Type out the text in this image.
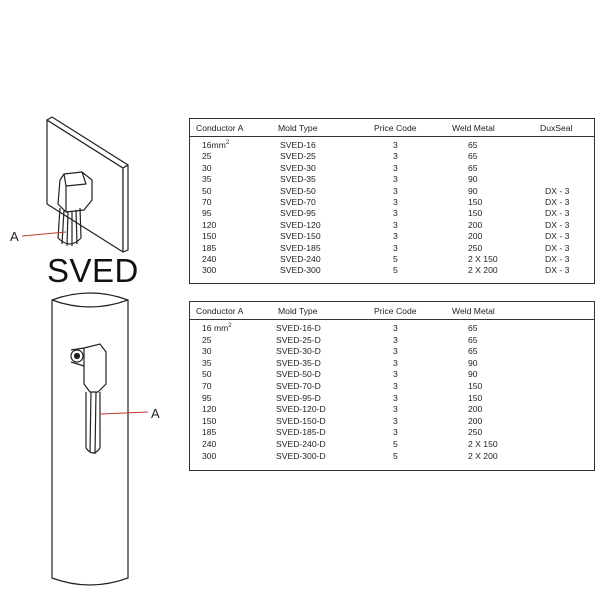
A
A
SVED
Conductor A	Mold Type	Price Code	Weld Metal	DuxSeal
$16mm^2$	SVED-16	3	65
25	SVED-25	3	65
30	SVED-30	3	65
35	SVED-35	3	90
50	SVED-50	3	90	DX - 3
70	SVED-70	3	150	DX - 3
95	SVED-95	3	150	DX - 3
120	SVED-120	3	200	DX - 3
150	SVED-150	3	200	DX - 3
185	SVED-185	3	250	DX - 3
240	SVED-240	5	2 X 150	DX - 3
300	SVED-300	5	2 X 200	DX - 3
Conductor A	Mold Type	Price Code	Weld Metal
16 $mm^2$	SVED-16-D	3	65
25	SVED-25-D	3	65
30	SVED-30-D	3	65
35	SVED-35-D	3	90
50	SVED-50-D	3	90
70	SVED-70-D	3	150
95	SVED-95-D	3	150
120	SVED-120-D	3	200
150	SVED-150-D	3	200
185	SVED-185-D	3	250
240	SVED-240-D	5	2 X 150
300	SVED-300-D	5	2 X 200
